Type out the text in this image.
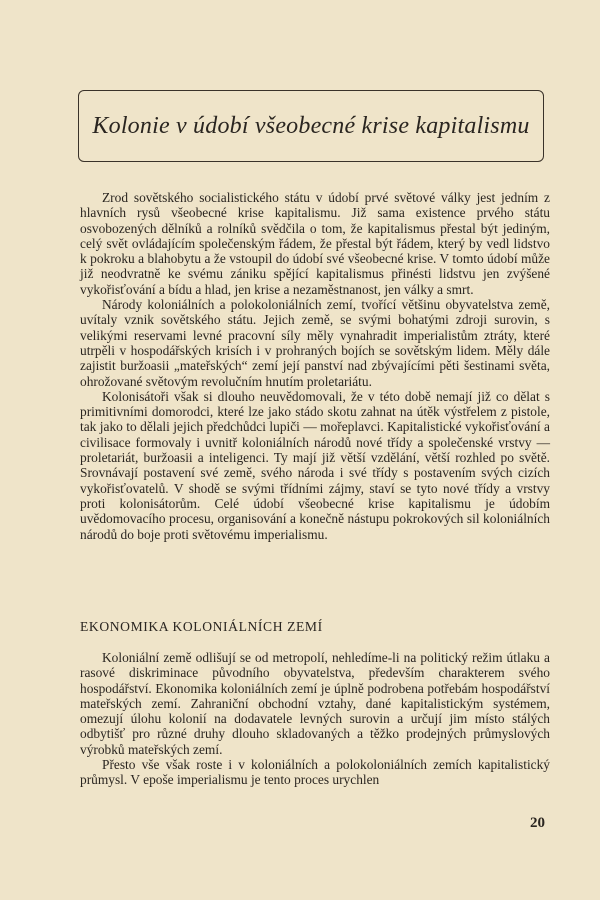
Kolonie v údobí všeobecné krise kapitalismu

Zrod sovětského socialistického státu v údobí prvé světové války jest jedním z hlavních rysů všeobecné krise kapitalismu. Již sama existence prvého státu osvobozených dělníků a rolníků svědčila o tom, že kapitalismus přestal být jediným, celý svět ovládajícím společenským řádem, že přestal být řádem, který by vedl lidstvo k pokroku a blahobytu a že vstoupil do údobí své všeobecné krise. V tomto údobí může již neodvratně ke svému zániku spějící kapitalismus přinésti lidstvu jen zvýšené vykořisťování a bídu a hlad, jen krise a nezaměstnanost, jen války a smrt.

Národy koloniálních a polokoloniálních zemí, tvořící většinu obyvatelstva země, uvítaly vznik sovětského státu. Jejich země, se svými bohatými zdroji surovin, s velikými reservami levné pracovní síly měly vynahradit imperialistům ztráty, které utrpěli v hospodářských krisích i v prohraných bojích se sovětským lidem. Měly dále zajistit buržoasii „mateřských“ zemí její panství nad zbývajícími pěti šestinami světa, ohrožované světovým revolučním hnutím proletariátu.

Kolonisátoři však si dlouho neuvědomovali, že v této době nemají již co dělat s primitivními domorodci, které lze jako stádo skotu zahnat na útěk výstřelem z pistole, tak jako to dělali jejich předchůdci lupiči — mořeplavci. Kapitalistické vykořisťování a civilisace formovaly i uvnitř koloniálních národů nové třídy a společenské vrstvy — proletariát, buržoasii a inteligenci. Ty mají již větší vzdělání, větší rozhled po světě. Srovnávají postavení své země, svého národa i své třídy s postavením svých cizích vykořisťovatelů. V shodě se svými třídními zájmy, staví se tyto nové třídy a vrstvy proti kolonisátorům. Celé údobí všeobecné krise kapitalismu je údobím uvědomovacího procesu, organisování a konečně nástupu pokrokových sil koloniálních národů do boje proti světovému imperialismu.

EKONOMIKA KOLONIÁLNÍCH ZEMÍ

Koloniální země odlišují se od metropolí, nehledíme-li na politický režim útlaku a rasové diskriminace původního obyvatelstva, především charakterem svého hospodářství. Ekonomika koloniálních zemí je úplně podrobena potřebám hospodářství mateřských zemí. Zahraniční obchodní vztahy, dané kapitalistickým systémem, omezují úlohu kolonií na dodavatele levných surovin a určují jim místo stálých odbytišť pro různé druhy dlouho skladovaných a těžko prodejných průmyslových výrobků mateřských zemí.

Přesto vše však roste i v koloniálních a polokoloniálních zemích kapitalistický průmysl. V epoše imperialismu je tento proces urychlen

20
